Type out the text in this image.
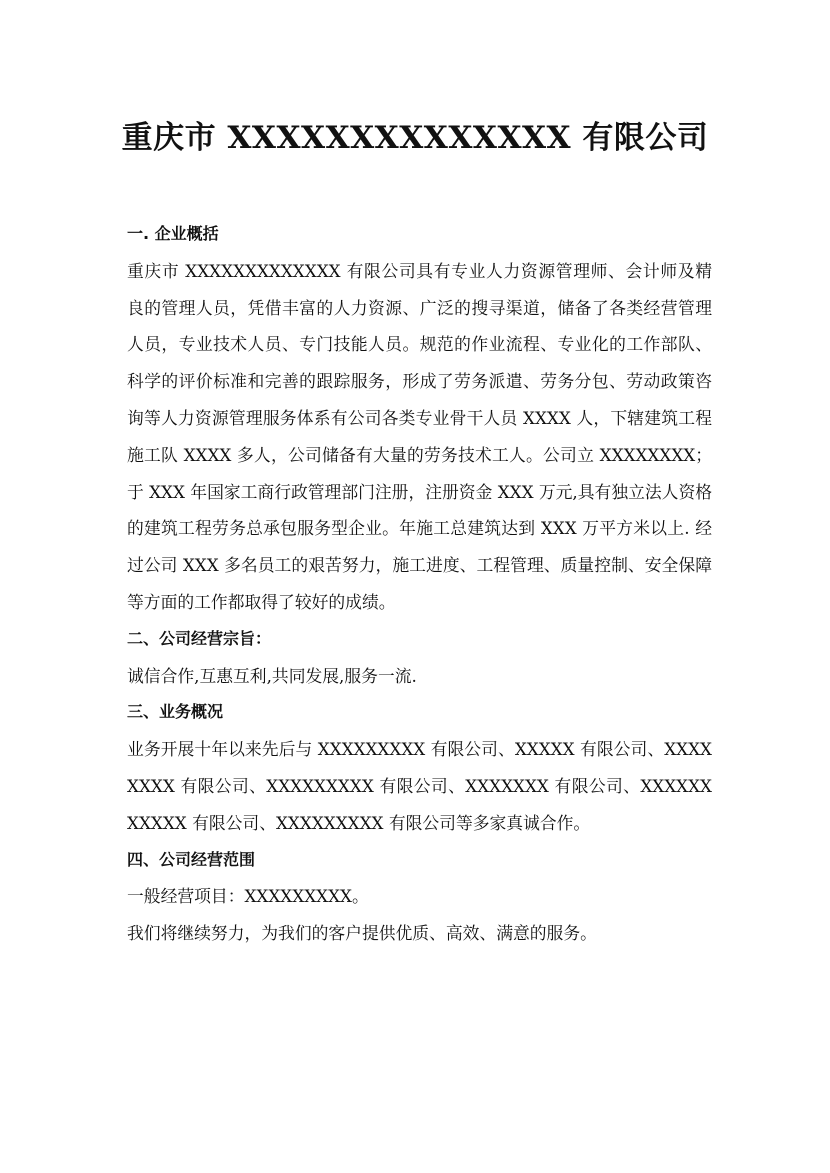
重庆市 XXXXXXXXXXXXXX 有限公司

一. 企业概括

重庆市 XXXXXXXXXXXXX 有限公司具有专业人力资源管理师、会计师及精良的管理人员，凭借丰富的人力资源、广泛的搜寻渠道，储备了各类经营管理人员，专业技术人员、专门技能人员。规范的作业流程、专业化的工作部队、科学的评价标准和完善的跟踪服务，形成了劳务派遣、劳务分包、劳动政策咨询等人力资源管理服务体系有公司各类专业骨干人员 XXXX 人，下辖建筑工程施工队 XXXX 多人，公司储备有大量的劳务技术工人。公司立 XXXXXXXX；于 XXX 年国家工商行政管理部门注册，注册资金 XXX 万元,具有独立法人资格的建筑工程劳务总承包服务型企业。年施工总建筑达到 XXX 万平方米以上. 经过公司 XXX 多名员工的艰苦努力，施工进度、工程管理、质量控制、安全保障等方面的工作都取得了较好的成绩。

二、公司经营宗旨：

诚信合作,互惠互利,共同发展,服务一流.

三、业务概况

业务开展十年以来先后与 XXXXXXXXX 有限公司、XXXXX 有限公司、XXXXXXXX 有限公司、XXXXXXXXX 有限公司、XXXXXXX 有限公司、XXXXXXXXXXX 有限公司、XXXXXXXXX 有限公司等多家真诚合作。

四、公司经营范围

一般经营项目：XXXXXXXXX。

我们将继续努力，为我们的客户提供优质、高效、满意的服务。
